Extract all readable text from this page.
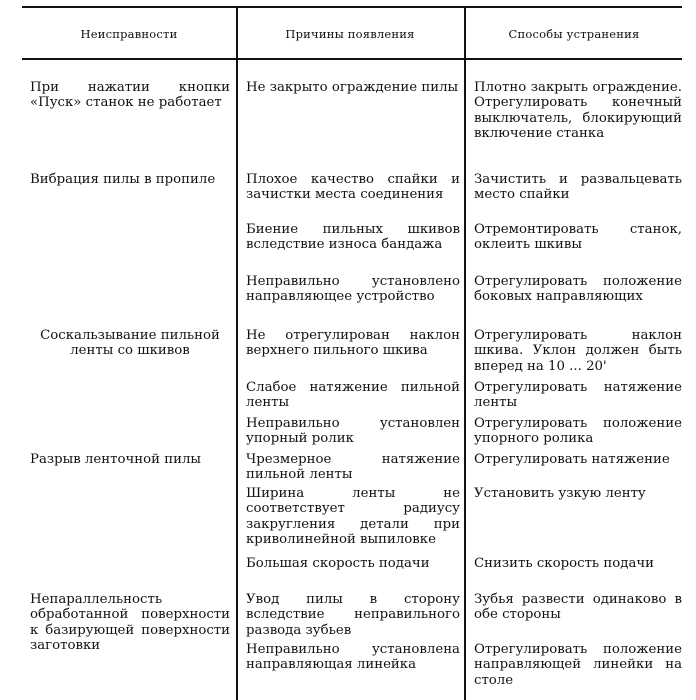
Неисправности	Причины появления	Способы устранения
При нажатии кнопки «Пуск» станок не работает
Вибрация пилы в пропиле
Соскальзывание пильной ленты со шкивов
Разрыв ленточной пилы
Непараллельность обработанной поверхности к базирующей поверхности заготовки
Не закрыто ограждение пилы
Плохое качество спайки и зачистки места соединения
Биение пильных шкивов вследствие износа бандажа
Неправильно установлено направляющее устройство
Не отрегулирован наклон верхнего пильного шкива
Слабое натяжение пильной ленты
Неправильно установлен упорный ролик
Чрезмерное натяжение пильной ленты
Ширина ленты не соответствует радиусу закругления детали при криволинейной выпиловке
Большая скорость подачи
Увод пилы в сторону вследствие неправильного развода зубьев
Неправильно установлена направляющая линейка
Плотно закрыть ограждение. Отрегулировать конечный выключатель, блокирующий включение станка
Зачистить и развальцевать место спайки
Отремонтировать станок, оклеить шкивы
Отрегулировать положение боковых направляющих
Отрегулировать наклон шкива. Уклон должен быть вперед на 10 ... 20'
Отрегулировать натяжение ленты
Отрегулировать положение упорного ролика
Отрегулировать натяжение
Установить узкую ленту
Снизить скорость подачи
Зубья развести одинаково в обе стороны
Отрегулировать положение направляющей линейки на столе
